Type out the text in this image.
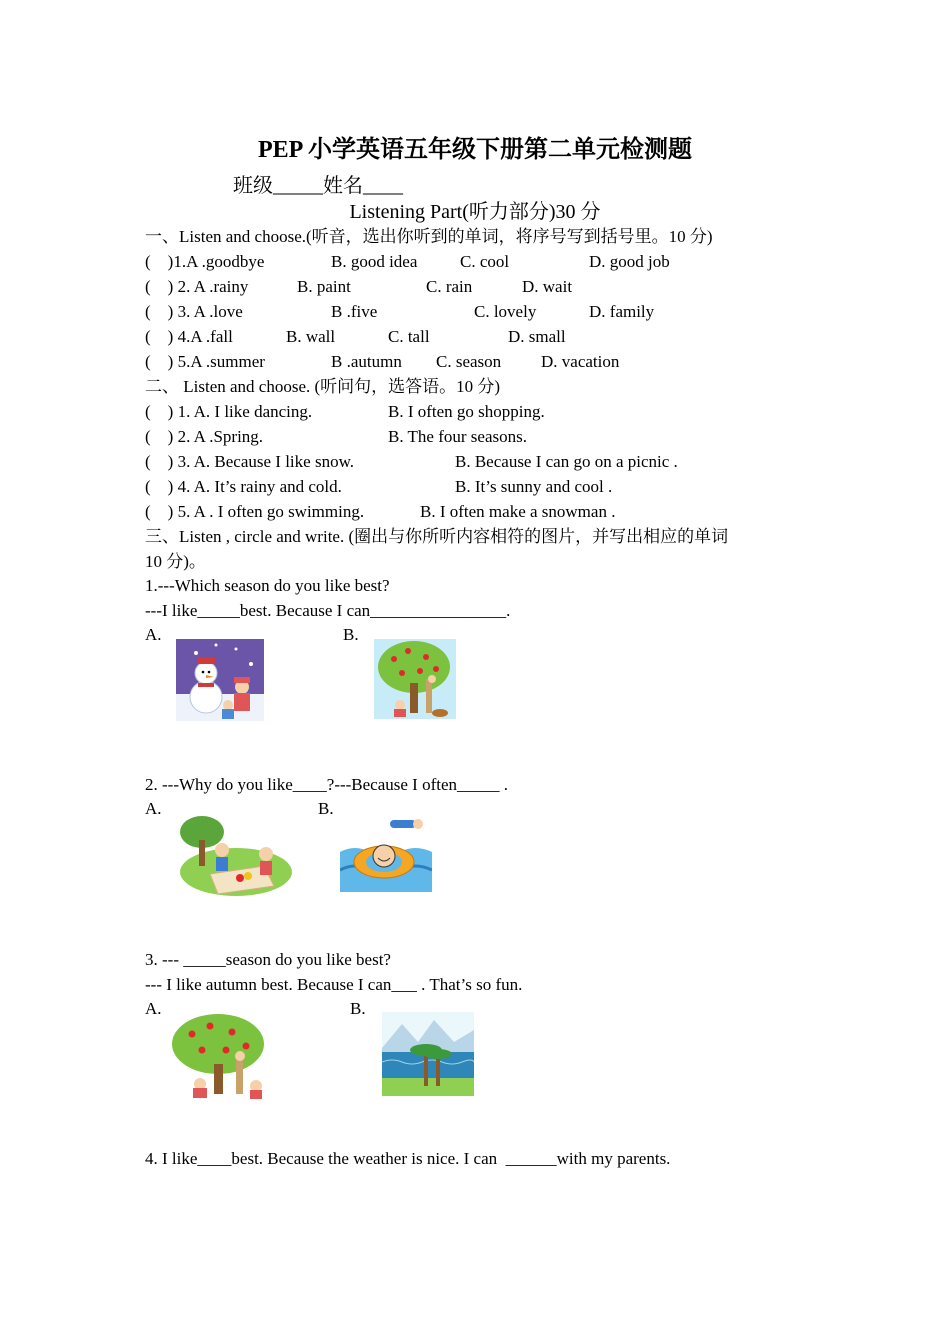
PEP 小学英语五年级下册第二单元检测题
班级_____姓名____
Listening Part(听力部分)30 分
一、Listen and choose.(听音，选出你听到的单词，将序号写到括号里。10 分)
(    )1.A .goodbye	B. good idea	C. cool	D. good job
(    ) 2. A .rainy	B. paint	C. rain	D. wait
(    ) 3. A .love	B .five	C. lovely	D. family
(    ) 4.A .fall	B. wall	C. tall	D. small
(    ) 5.A .summer	B .autumn C. season D. vacation
二、 Listen and choose. (听问句，选答语。10 分)
(    ) 1. A. I like dancing.	B. I often go shopping.
(    ) 2. A .Spring.	B. The four seasons.
(    ) 3. A. Because I like snow.	B. Because I can go on a picnic .
(    ) 4. A. It’s rainy and cold.	B. It’s sunny and cool .
(    ) 5. A . I often go swimming.	B. I often make a snowman .
三、Listen , circle and write. (圈出与你所听内容相符的图片，并写出相应的单词
10 分)。
1.---Which season do you like best?
---I like_____best. Because I can________________.
A.	B.
2. ---Why do you like____?---Because I often_____ .
A.	B.
3. --- _____season do you like best?
--- I like autumn best. Because I can___ . That’s so fun.
A.	B.
4. I like____best. Because the weather is nice. I can  ______with my parents.
